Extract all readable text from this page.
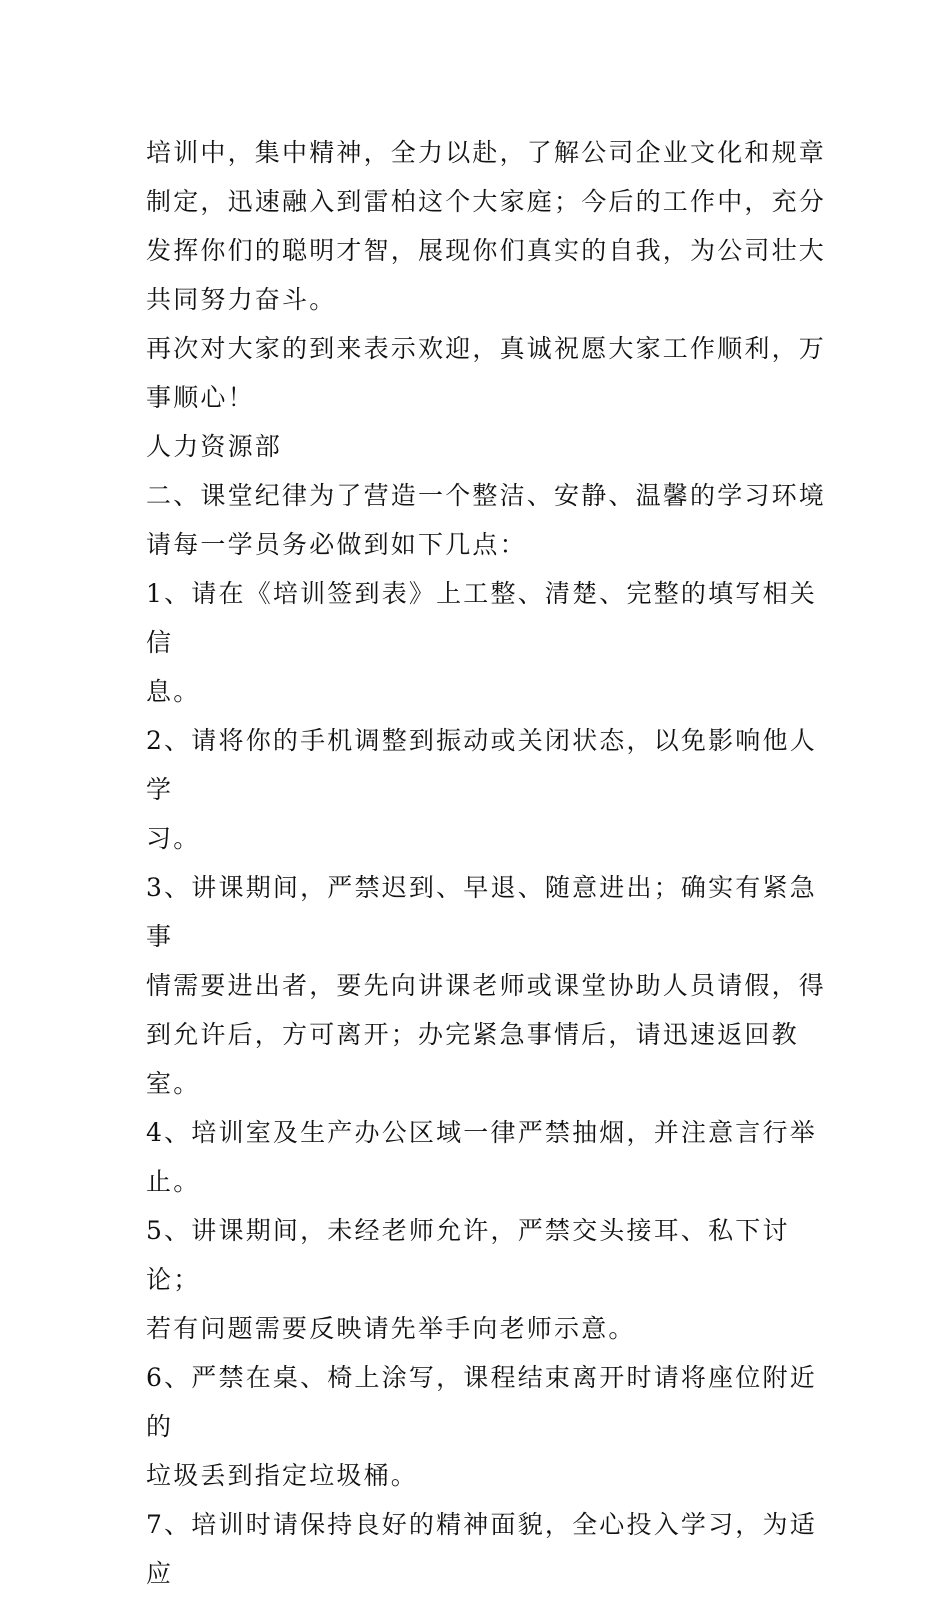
培训中，集中精神，全力以赴，了解公司企业文化和规章
制定，迅速融入到雷柏这个大家庭；今后的工作中，充分
发挥你们的聪明才智，展现你们真实的自我，为公司壮大
共同努力奋斗。
再次对大家的到来表示欢迎，真诚祝愿大家工作顺利，万
事顺心！
人力资源部
二、课堂纪律为了营造一个整洁、安静、温馨的学习环境
请每一学员务必做到如下几点：
1、请在《培训签到表》上工整、清楚、完整的填写相关信
息。
2、请将你的手机调整到振动或关闭状态，以免影响他人学
习。
3、讲课期间，严禁迟到、早退、随意进出；确实有紧急事
情需要进出者，要先向讲课老师或课堂协助人员请假，得
到允许后，方可离开；办完紧急事情后，请迅速返回教室。
4、培训室及生产办公区域一律严禁抽烟，并注意言行举止。
5、讲课期间，未经老师允许，严禁交头接耳、私下讨论；
若有问题需要反映请先举手向老师示意。
6、严禁在桌、椅上涂写，课程结束离开时请将座位附近的
垃圾丢到指定垃圾桶。
7、培训时请保持良好的精神面貌，全心投入学习，为适应
